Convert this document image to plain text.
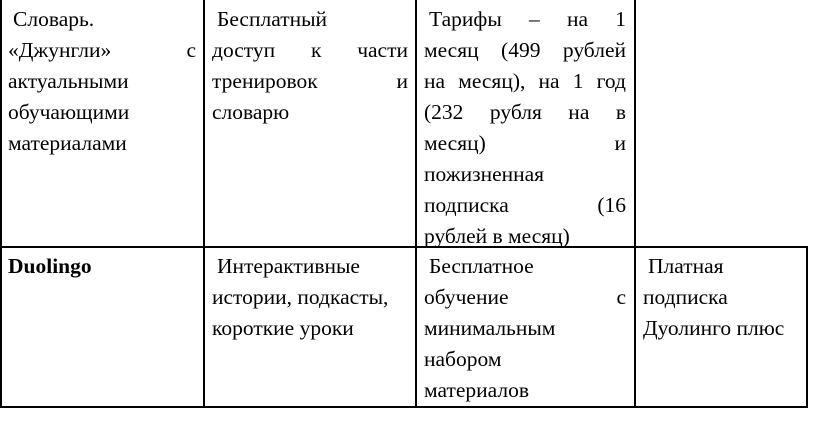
Словарь.
«Джунгли» с
актуальными
обучающими
материалами
Бесплатный
доступ к части
тренировок и
словарю
Тарифы – на 1
месяц (499 рублей
на месяц), на 1 год
(232 рубля на в
месяц) и
пожизненная
подписка (16
рублей в месяц)
Duolingo	Интерактивные
истории, подкасты,
короткие уроки
Бесплатное
обучение с
минимальным
набором
материалов
Платная
подписка
Дуолинго плюс
